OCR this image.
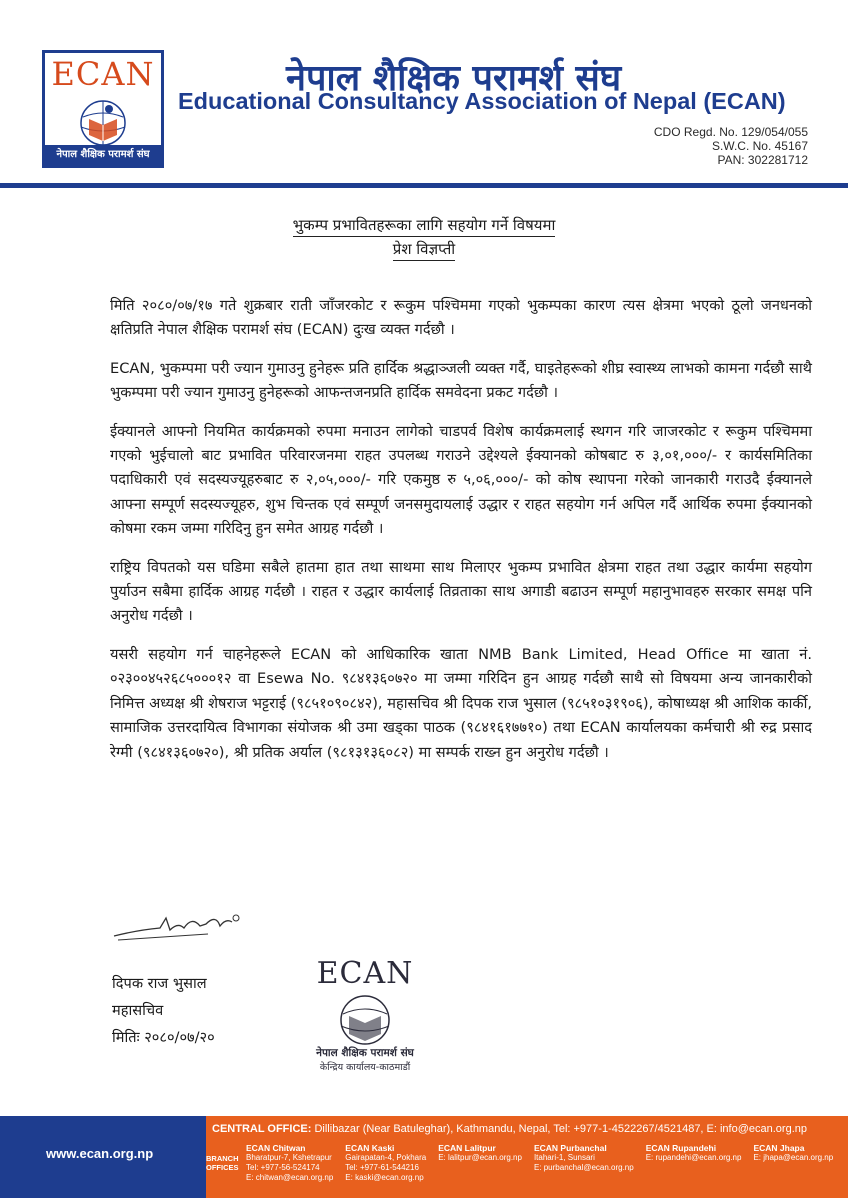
ECAN
नेपाल शैक्षिक परामर्श संघ
नेपाल शैक्षिक परामर्श संघ
Educational Consultancy Association of Nepal (ECAN)
CDO Regd. No. 129/054/055
S.W.C. No. 45167
PAN: 302281712
भुकम्प प्रभावितहरूका लागि सहयोग गर्ने विषयमा
प्रेश विज्ञप्ती

मिति २०८०/०७/१७ गते शुक्रबार राती जाँजरकोट र रूकुम पश्चिममा गएको भुकम्पका कारण त्यस क्षेत्रमा भएको ठूलो जनधनको क्षतिप्रति नेपाल शैक्षिक परामर्श संघ (ECAN) दुःख व्यक्त गर्दछौ ।

ECAN, भुकम्पमा परी ज्यान गुमाउनु हुनेहरू प्रति हार्दिक श्रद्धाञ्जली व्यक्त गर्दै, घाइतेहरूको शीघ्र स्वास्थ्य लाभको कामना गर्दछौ साथै भुकम्पमा परी ज्यान गुमाउनु हुनेहरूको आफन्तजनप्रति हार्दिक समवेदना प्रकट गर्दछौ ।

ईक्यानले आफ्नो नियमित कार्यक्रमको रुपमा मनाउन लागेको चाडपर्व विशेष कार्यक्रमलाई स्थगन गरि जाजरकोट र रूकुम पश्चिममा गएको भुईचालो बाट प्रभावित परिवारजनमा राहत उपलब्ध गराउने उद्देश्यले ईक्यानको कोषबाट रु ३,०१,०००/- र कार्यसमितिका पदाधिकारी एवं सदस्यज्यूहरुबाट रु २,०५,०००/- गरि एकमुष्ठ रु ५,०६,०००/- को कोष स्थापना गरेको जानकारी गराउदै ईक्यानले आफ्ना सम्पूर्ण सदस्यज्यूहरु, शुभ चिन्तक एवं सम्पूर्ण जनसमुदायलाई उद्धार र राहत सहयोग गर्न अपिल गर्दै आर्थिक रुपमा ईक्यानको कोषमा रकम जम्मा गरिदिनु हुन समेत आग्रह गर्दछौ ।

राष्ट्रिय विपतको यस घडिमा सबैले हातमा हात तथा साथमा साथ मिलाएर भुकम्प प्रभावित क्षेत्रमा राहत तथा उद्धार कार्यमा सहयोग पुर्याउन सबैमा हार्दिक आग्रह गर्दछौ । राहत र उद्धार कार्यलाई तिव्रताका साथ अगाडी बढाउन सम्पूर्ण महानुभावहरु सरकार समक्ष पनि अनुरोध गर्दछौ ।

यसरी सहयोग गर्न चाहनेहरूले ECAN को आधिकारिक खाता NMB Bank Limited, Head Office मा खाता नं. ०२३००४५२६८५०००१२ वा Esewa No. ९८४१३६०७२० मा जम्मा गरिदिन हुन आग्रह गर्दछौ साथै सो विषयमा अन्य जानकारीको निमित्त अध्यक्ष श्री शेषराज भट्टराई (९८५१०९०८४२), महासचिव श्री दिपक राज भुसाल (९८५१०३१९०६), कोषाध्यक्ष श्री आशिक कार्की, सामाजिक उत्तरदायित्व विभागका संयोजक श्री उमा खड्का पाठक (९८४१६१७७१०) तथा ECAN कार्यालयका कर्मचारी श्री रुद्र प्रसाद रेग्मी (९८४१३६०७२०), श्री प्रतिक अर्याल (९८१३१३६०८२) मा सम्पर्क राख्न हुन अनुरोध गर्दछौ ।

दिपक राज भुसाल
महासचिव
मितिः २०८०/०७/२०
ECAN
नेपाल शैक्षिक परामर्श संघ
केन्द्रिय कार्यालय-काठमाडौं
www.ecan.org.np
CENTRAL OFFICE: Dillibazar (Near Batuleghar), Kathmandu, Nepal, Tel: +977-1-4522267/4521487, E: info@ecan.org.np
BRANCH
OFFICES
ECAN Chitwan
Bharatpur-7, Kshetrapur
Tel: +977-56-524174
E: chitwan@ecan.org.np
ECAN Kaski
Gairapatan-4, Pokhara
Tel: +977-61-544216
E: kaski@ecan.org.np
ECAN Lalitpur
E: lalitpur@ecan.org.np
ECAN Purbanchal
Itahari-1, Sunsari
E: purbanchal@ecan.org.np
ECAN Rupandehi
E: rupandehi@ecan.org.np
ECAN Jhapa
E: jhapa@ecan.org.np
